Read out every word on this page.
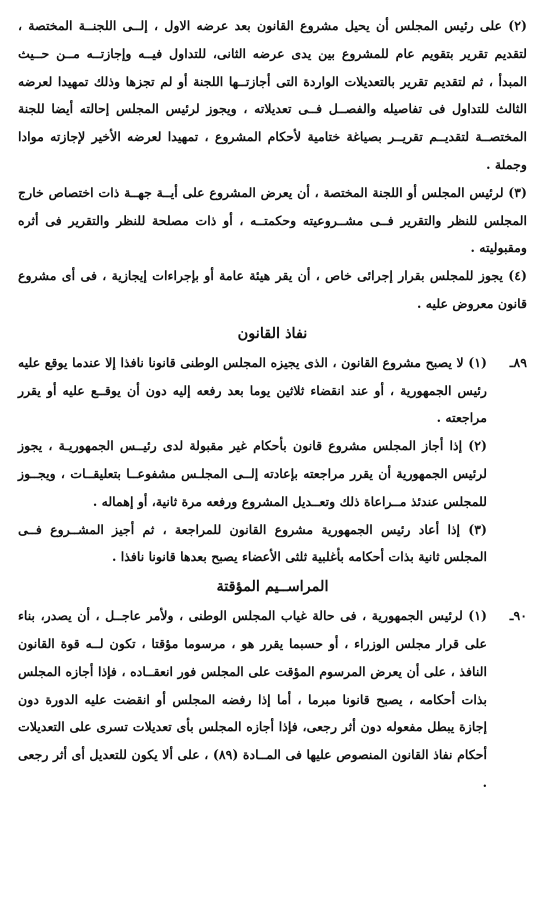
(٢) على رئيس المجلس أن يحيل مشروع القانون بعد عرضه الاول ، إلــى اللجنــة المختصة ، لتقديم تقرير بتقويم عام للمشروع بين يدى عرضه الثانى، للتداول فيــه وإجازتــه مــن حــيث المبدأ ، ثم لتقديم تقرير بالتعديلات الواردة التى أجازتــها اللجنة أو لم تجزها وذلك تمهيدا لعرضه الثالث للتداول فى تفاصيله والفصــل فــى تعديلاته ، ويجوز لرئيس المجلس إحالته أيضا للجنة المختصــة لتقديــم تقريــر بصياغة ختامية لأحكام المشروع ، تمهيدا لعرضه الأخير لإجازته موادا وجملة .

(٣) لرئيس المجلس أو اللجنة المختصة ، أن يعرض المشروع على أيــة جهــة ذات اختصاص خارج المجلس للنظر والتقرير فــى مشــروعيته وحكمتــه ، أو ذات مصلحة للنظر والتقرير فى أثره ومقبوليته .

(٤) يجوز للمجلس بقرار إجرائى خاص ، أن يقر هيئة عامة أو بإجراءات إيجازية ، فى أى مشروع قانون معروض عليه .

نفاذ القانون
٨٩ـ

(١) لا يصبح مشروع القانون ، الذى يجيزه المجلس الوطنى قانونا نافذا إلا عندما يوقع عليه رئيس الجمهورية ، أو عند انقضاء ثلاثين يوما بعد رفعه إليه دون أن يوقــع عليه أو يقرر مراجعته .

(٢) إذا أجاز المجلس مشروع قانون بأحكام غير مقبولة لدى رئيــس الجمهوريـة ، يجوز لرئيس الجمهورية أن يقرر مراجعته بإعادته إلــى المجلـس مشفوعــا بتعليقــات ، ويجــوز للمجلس عندئذ مــراعاة ذلك وتعــديل المشروع ورفعه مرة ثانية، أو إهماله .

(٣) إذا أعاد رئيس الجمهورية مشروع القانون للمراجعة ، ثم أجيز المشــروع فــى المجلس ثانية بذات أحكامه بأغلبية ثلثى الأعضاء يصبح بعدها قانونا نافذا .

المراســيم المؤقتة
٩٠ـ

(١) لرئيس الجمهورية ، فى حالة غياب المجلس الوطنى ، ولأمر عاجــل ، أن يصدر، بناء على قرار مجلس الوزراء ، أو حسبما يقرر هو ، مرسوما مؤقتا ، تكون لــه قوة القانون النافذ ، على أن يعرض المرسوم المؤقت على المجلس فور انعقــاده ، فإذا أجازه المجلس بذات أحكامه ، يصبح قانونا مبرما ، أما إذا رفضه المجلس أو انقضت عليه الدورة دون إجازة يبطل مفعوله دون أثر رجعى، فإذا أجازه المجلس بأى تعديلات تسرى على التعديلات أحكام نفاذ القانون المنصوص عليها فى المــادة (٨٩) ، على ألا يكون للتعديل أى أثر رجعى .
